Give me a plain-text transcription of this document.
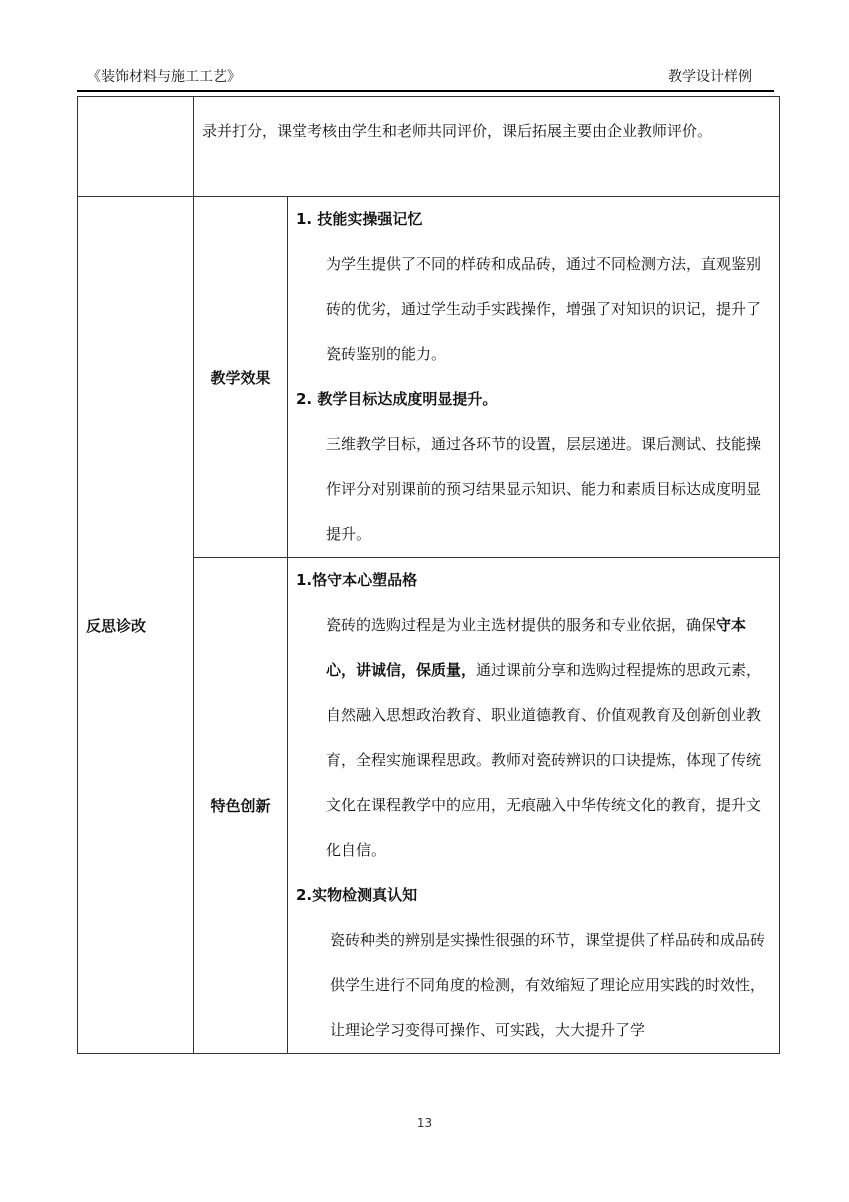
《装饰材料与施工工艺》	教学设计样例

	录并打分，课堂考核由学生和老师共同评价，课后拓展主要由企业教师评价。	

反思诊改	教学效果	1. 技能实操强记忆
为学生提供了不同的样砖和成品砖，通过不同检测方法，直观鉴别砖的优劣，通过学生动手实践操作，增强了对知识的识记，提升了瓷砖鉴别的能力。
2. 教学目标达成度明显提升。
三维教学目标，通过各环节的设置，层层递进。课后测试、技能操作评分对别课前的预习结果显示知识、能力和素质目标达成度明显提升。

	特色创新	1.恪守本心塑品格
瓷砖的选购过程是为业主选材提供的服务和专业依据，确保守本心，讲诚信，保质量，通过课前分享和选购过程提炼的思政元素，自然融入思想政治教育、职业道德教育、价值观教育及创新创业教育，全程实施课程思政。教师对瓷砖辨识的口诀提炼，体现了传统文化在课程教学中的应用，无痕融入中华传统文化的教育，提升文化自信。
2.实物检测真认知
瓷砖种类的辨别是实操性很强的环节，课堂提供了样品砖和成品砖供学生进行不同角度的检测，有效缩短了理论应用实践的时效性，让理论学习变得可操作、可实践，大大提升了学
13
